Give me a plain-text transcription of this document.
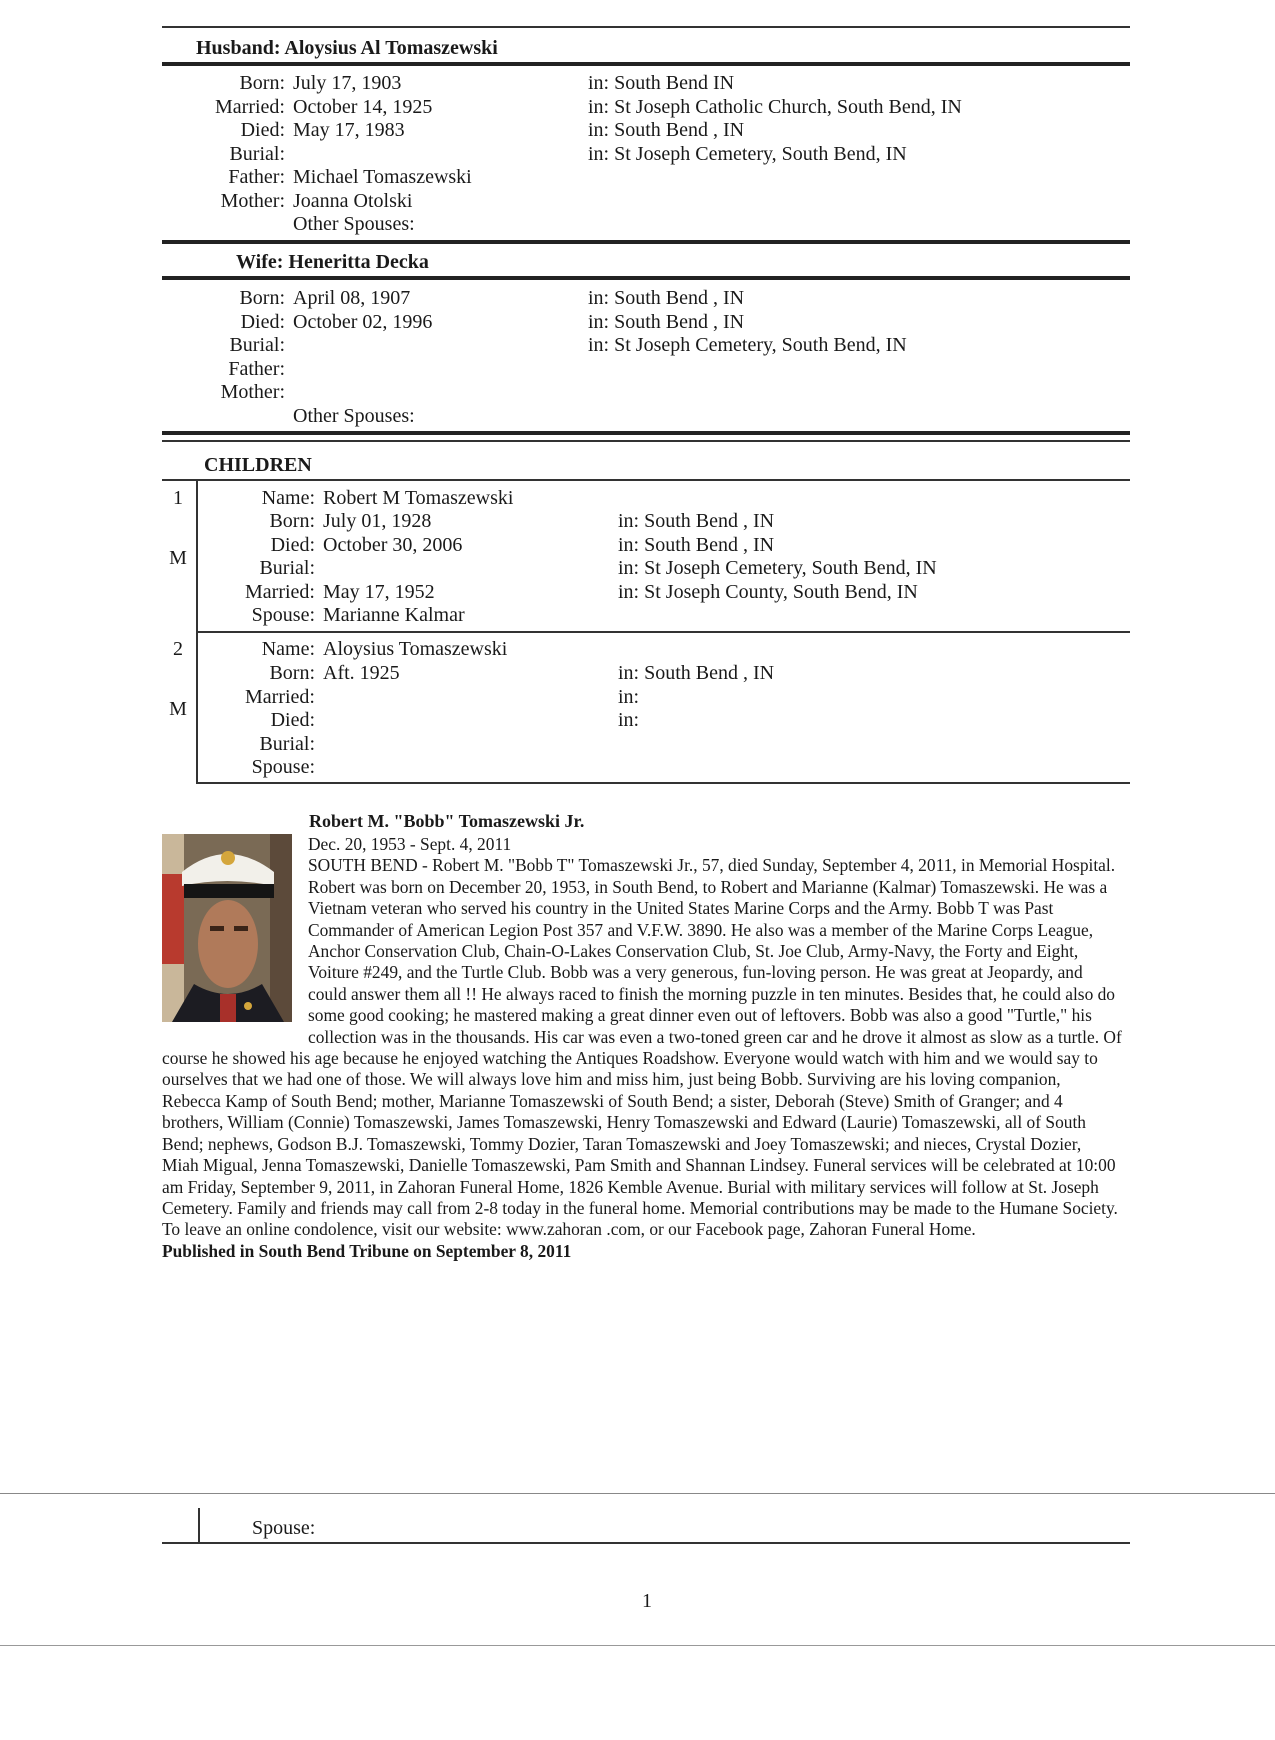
Husband: Aloysius Al Tomaszewski
Born: July 17, 1903	in: South Bend IN
Married: October 14, 1925	in: St Joseph Catholic Church, South Bend, IN
Died: May 17, 1983	in: South Bend , IN
Burial:	in: St Joseph Cemetery, South Bend, IN
Father: Michael Tomaszewski
Mother: Joanna Otolski
Other Spouses:
Wife: Heneritta Decka
Born: April 08, 1907	in: South Bend , IN
Died: October 02, 1996	in: South Bend , IN
Burial:	in: St Joseph Cemetery, South Bend, IN
Father:
Mother:
Other Spouses:
CHILDREN
1
M
Name: Robert M Tomaszewski
Born: July 01, 1928	in: South Bend , IN
Died: October 30, 2006	in: South Bend , IN
Burial:	in: St Joseph Cemetery, South Bend, IN
Married: May 17, 1952	in: St Joseph County, South Bend, IN
Spouse: Marianne Kalmar
2
M
Name: Aloysius Tomaszewski
Born: Aft. 1925	in: South Bend , IN
Married:	in:
Died:	in:
Burial:
Spouse:
Robert M. "Bobb" Tomaszewski Jr.

Dec. 20, 1953 - Sept. 4, 2011

SOUTH BEND - Robert M. "Bobb T" Tomaszewski Jr., 57, died Sunday, September 4, 2011, in Memorial Hospital. Robert was born on December 20, 1953, in South Bend, to Robert and Marianne (Kalmar) Tomaszewski. He was a Vietnam veteran who served his country in the United States Marine Corps and the Army. Bobb T was Past Commander of American Legion Post 357 and V.F.W. 3890. He also was a member of the Marine Corps League, Anchor Conservation Club, Chain-O-Lakes Conservation Club, St. Joe Club, Army-Navy, the Forty and Eight, Voiture #249, and the Turtle Club. Bobb was a very generous, fun-loving person. He was great at Jeopardy, and could answer them all !! He always raced to finish the morning puzzle in ten minutes. Besides that, he could also do some good cooking; he mastered making a great dinner even out of leftovers. Bobb was also a good "Turtle," his collection was in the thousands. His car was even a two-toned green car and he drove it almost as slow as a turtle. Of course he showed his age because he enjoyed watching the Antiques Roadshow. Everyone would watch with him and we would say to ourselves that we had one of those. We will always love him and miss him, just being Bobb. Surviving are his loving companion, Rebecca Kamp of South Bend; mother, Marianne Tomaszewski of South Bend; a sister, Deborah (Steve) Smith of Granger; and 4 brothers, William (Connie) Tomaszewski, James Tomaszewski, Henry Tomaszewski and Edward (Laurie) Tomaszewski, all of South Bend; nephews, Godson B.J. Tomaszewski, Tommy Dozier, Taran Tomaszewski and Joey Tomaszewski; and nieces, Crystal Dozier, Miah Migual, Jenna Tomaszewski, Danielle Tomaszewski, Pam Smith and Shannan Lindsey. Funeral services will be celebrated at 10:00 am Friday, September 9, 2011, in Zahoran Funeral Home, 1826 Kemble Avenue. Burial with military services will follow at St. Joseph Cemetery. Family and friends may call from 2-8 today in the funeral home. Memorial contributions may be made to the Humane Society. To leave an online condolence, visit our website: www.zahoran .com, or our Facebook page, Zahoran Funeral Home.

Published in South Bend Tribune on September 8, 2011

Spouse:
1
